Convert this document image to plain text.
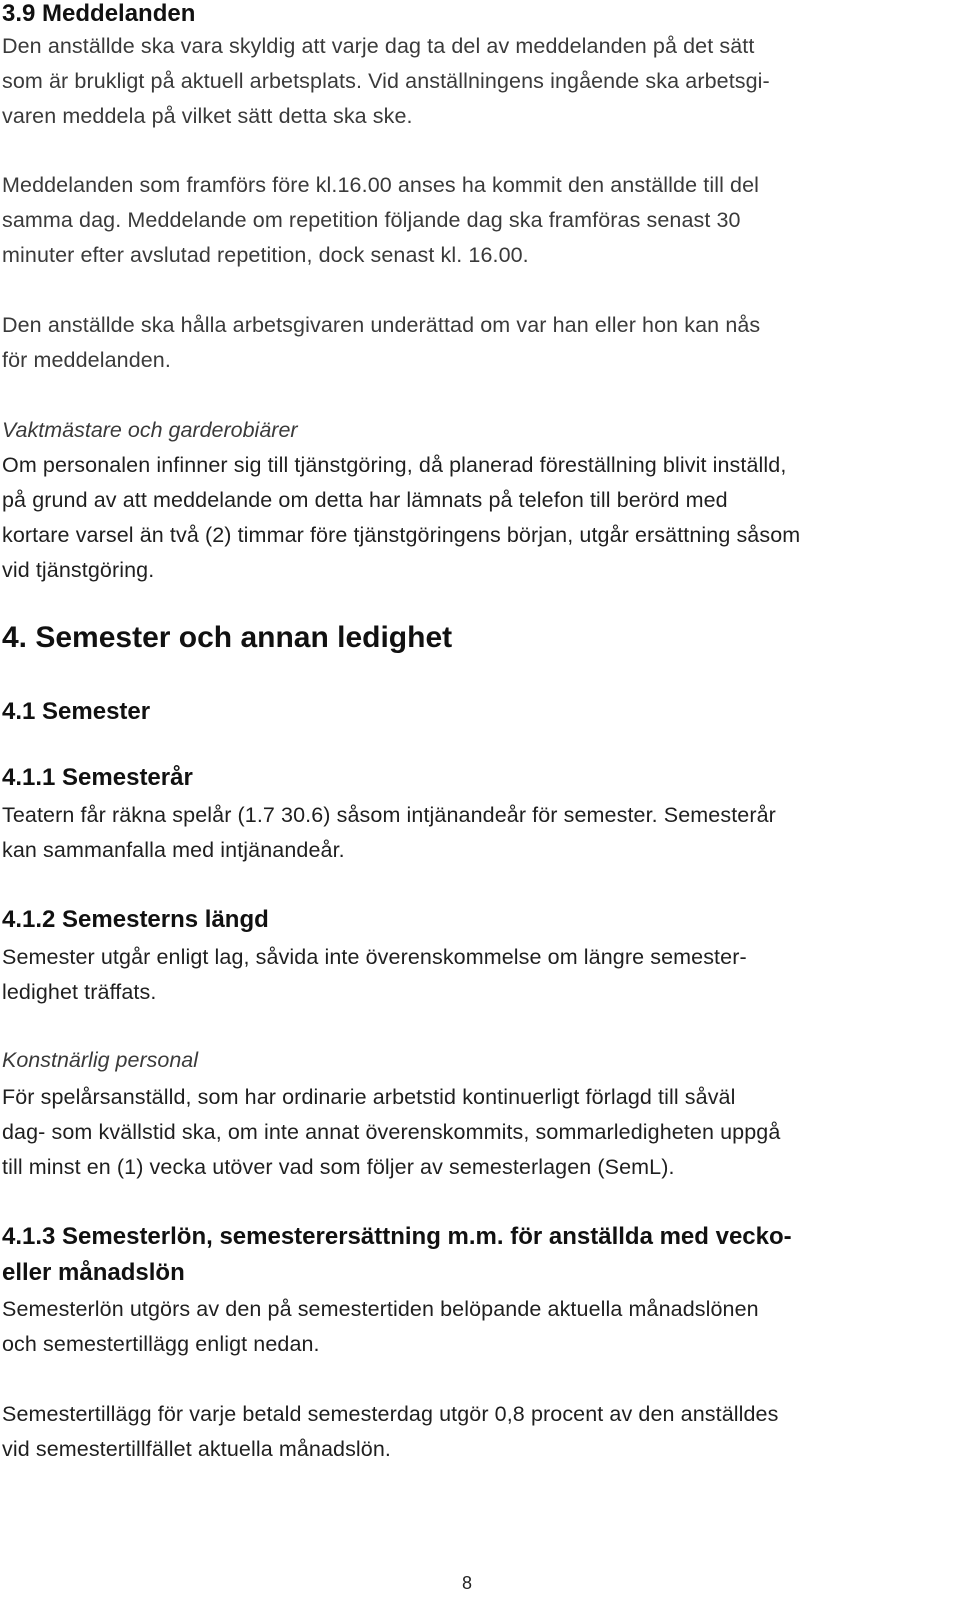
3.9 Meddelanden

Den anställde ska vara skyldig att varje dag ta del av meddelanden på det sätt
som är brukligt på aktuell arbetsplats. Vid anställningens ingående ska arbetsgi-
varen meddela på vilket sätt detta ska ske.

Meddelanden som framförs före kl.16.00 anses ha kommit den anställde till del
samma dag. Meddelande om repetition följande dag ska framföras senast 30
minuter efter avslutad repetition, dock senast kl. 16.00.

Den anställde ska hålla arbetsgivaren underättad om var han eller hon kan nås
för meddelanden.

Vaktmästare och garderobiärer

Om personalen infinner sig till tjänstgöring, då planerad föreställning blivit inställd,
på grund av att meddelande om detta har lämnats på telefon till berörd med
kortare varsel än två (2) timmar före tjänstgöringens början, utgår ersättning såsom
vid tjänstgöring.

4. Semester och annan ledighet
4.1 Semester
4.1.1 Semesterår

Teatern får räkna spelår (1.7 30.6) såsom intjänandeår för semester. Semesterår
kan sammanfalla med intjänandeår.

4.1.2 Semesterns längd

Semester utgår enligt lag, såvida inte överenskommelse om längre semester-
ledighet träffats.

Konstnärlig personal

För spelårsanställd, som har ordinarie arbetstid kontinuerligt förlagd till såväl
dag- som kvällstid ska, om inte annat överenskommits, sommarledigheten uppgå
till minst en (1) vecka utöver vad som följer av semesterlagen (SemL).

4.1.3 Semesterlön, semesterersättning m.m. för anställda med vecko-
eller månadslön

Semesterlön utgörs av den på semestertiden belöpande aktuella månadslönen
och semestertillägg enligt nedan.

Semestertillägg för varje betald semesterdag utgör 0,8 procent av den anställdes
vid semestertillfället aktuella månadslön.

8
